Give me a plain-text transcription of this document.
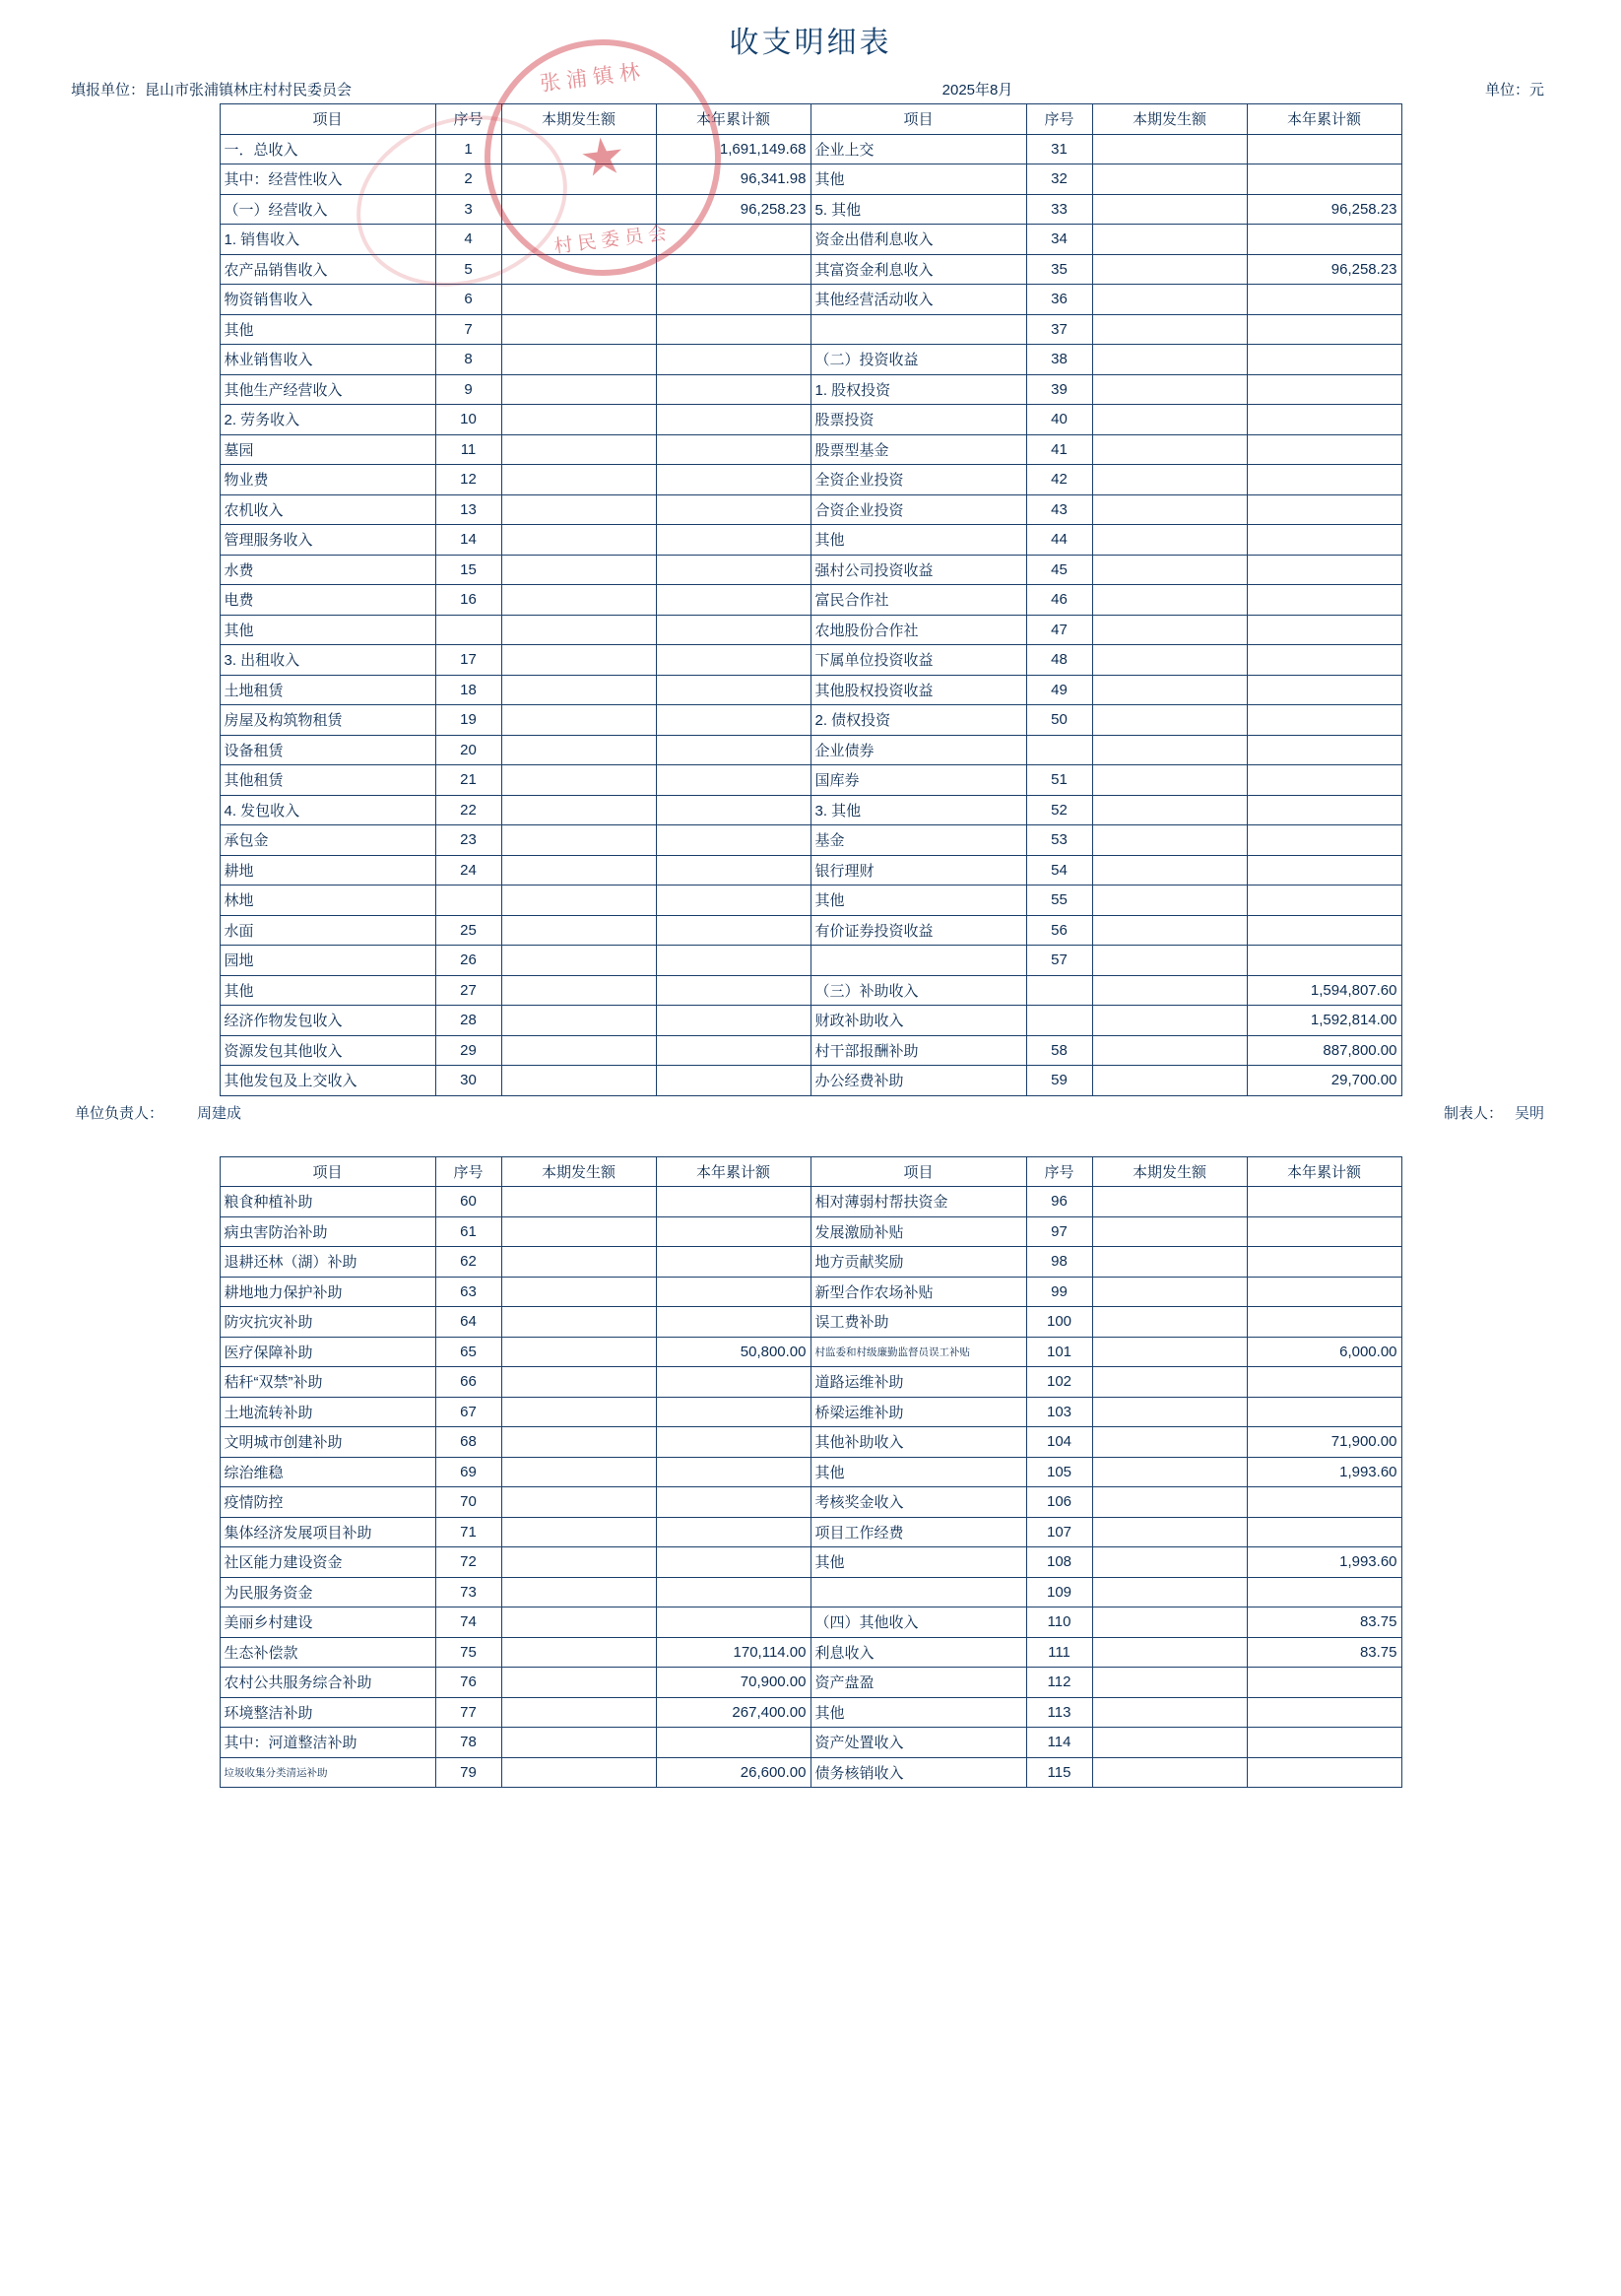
收支明细表
填报单位：昆山市张浦镇林庄村村民委员会	2025年8月	单位：元
项目	序号	本期发生额	本年累计额	项目	序号	本期发生额	本年累计额
一．总收入	1		1,691,149.68	企业上交	31		
其中：经营性收入	2		96,341.98	其他	32		
（一）经营收入	3		96,258.23	5. 其他	33		96,258.23
1. 销售收入	4			资金出借利息收入	34		
农产品销售收入	5			其富资金利息收入	35		96,258.23
物资销售收入	6			其他经营活动收入	36		
其他	7				37		
林业销售收入	8			（二）投资收益	38		
其他生产经营收入	9			1. 股权投资	39		
2. 劳务收入	10			股票投资	40		
墓园	11			股票型基金	41		
物业费	12			全资企业投资	42		
农机收入	13			合资企业投资	43		
管理服务收入	14			其他	44		
水费	15			强村公司投资收益	45		
电费	16			富民合作社	46		
其他				农地股份合作社	47		
3. 出租收入	17			下属单位投资收益	48		
土地租赁	18			其他股权投资收益	49		
房屋及构筑物租赁	19			2. 债权投资	50		
设备租赁	20			企业债券			
其他租赁	21			国库券	51		
4. 发包收入	22			3. 其他	52		
承包金	23			基金	53		
耕地	24			银行理财	54		
林地				其他	55		
水面	25			有价证券投资收益	56		
园地	26				57		
其他	27			（三）补助收入			1,594,807.60
经济作物发包收入	28			财政补助收入			1,592,814.00
资源发包其他收入	29			村干部报酬补助	58		887,800.00
其他发包及上交收入	30			办公经费补助	59		29,700.00
单位负责人： 周建成	制表人： 吴明
项目	序号	本期发生额	本年累计额	项目	序号	本期发生额	本年累计额
粮食种植补助	60			相对薄弱村帮扶资金	96		
病虫害防治补助	61			发展激励补贴	97		
退耕还林（湖）补助	62			地方贡献奖励	98		
耕地地力保护补助	63			新型合作农场补贴	99		
防灾抗灾补助	64			误工费补助	100		
医疗保障补助	65		50,800.00	村监委和村级廉勤监督员误工补贴	101		6,000.00
秸秆“双禁”补助	66			道路运维补助	102		
土地流转补助	67			桥梁运维补助	103		
文明城市创建补助	68			其他补助收入	104		71,900.00
综治维稳	69			其他	105		1,993.60
疫情防控	70			考核奖金收入	106		
集体经济发展项目补助	71			项目工作经费	107		
社区能力建设资金	72			其他	108		1,993.60
为民服务资金	73				109		
美丽乡村建设	74			（四）其他收入	110		83.75
生态补偿款	75		170,114.00	利息收入	111		83.75
农村公共服务综合补助	76		70,900.00	资产盘盈	112		
环境整洁补助	77		267,400.00	其他	113		
其中：河道整洁补助	78			资产处置收入	114		
垃圾收集分类清运补助	79		26,600.00	债务核销收入	115		
张浦镇林
★
村民委员会
